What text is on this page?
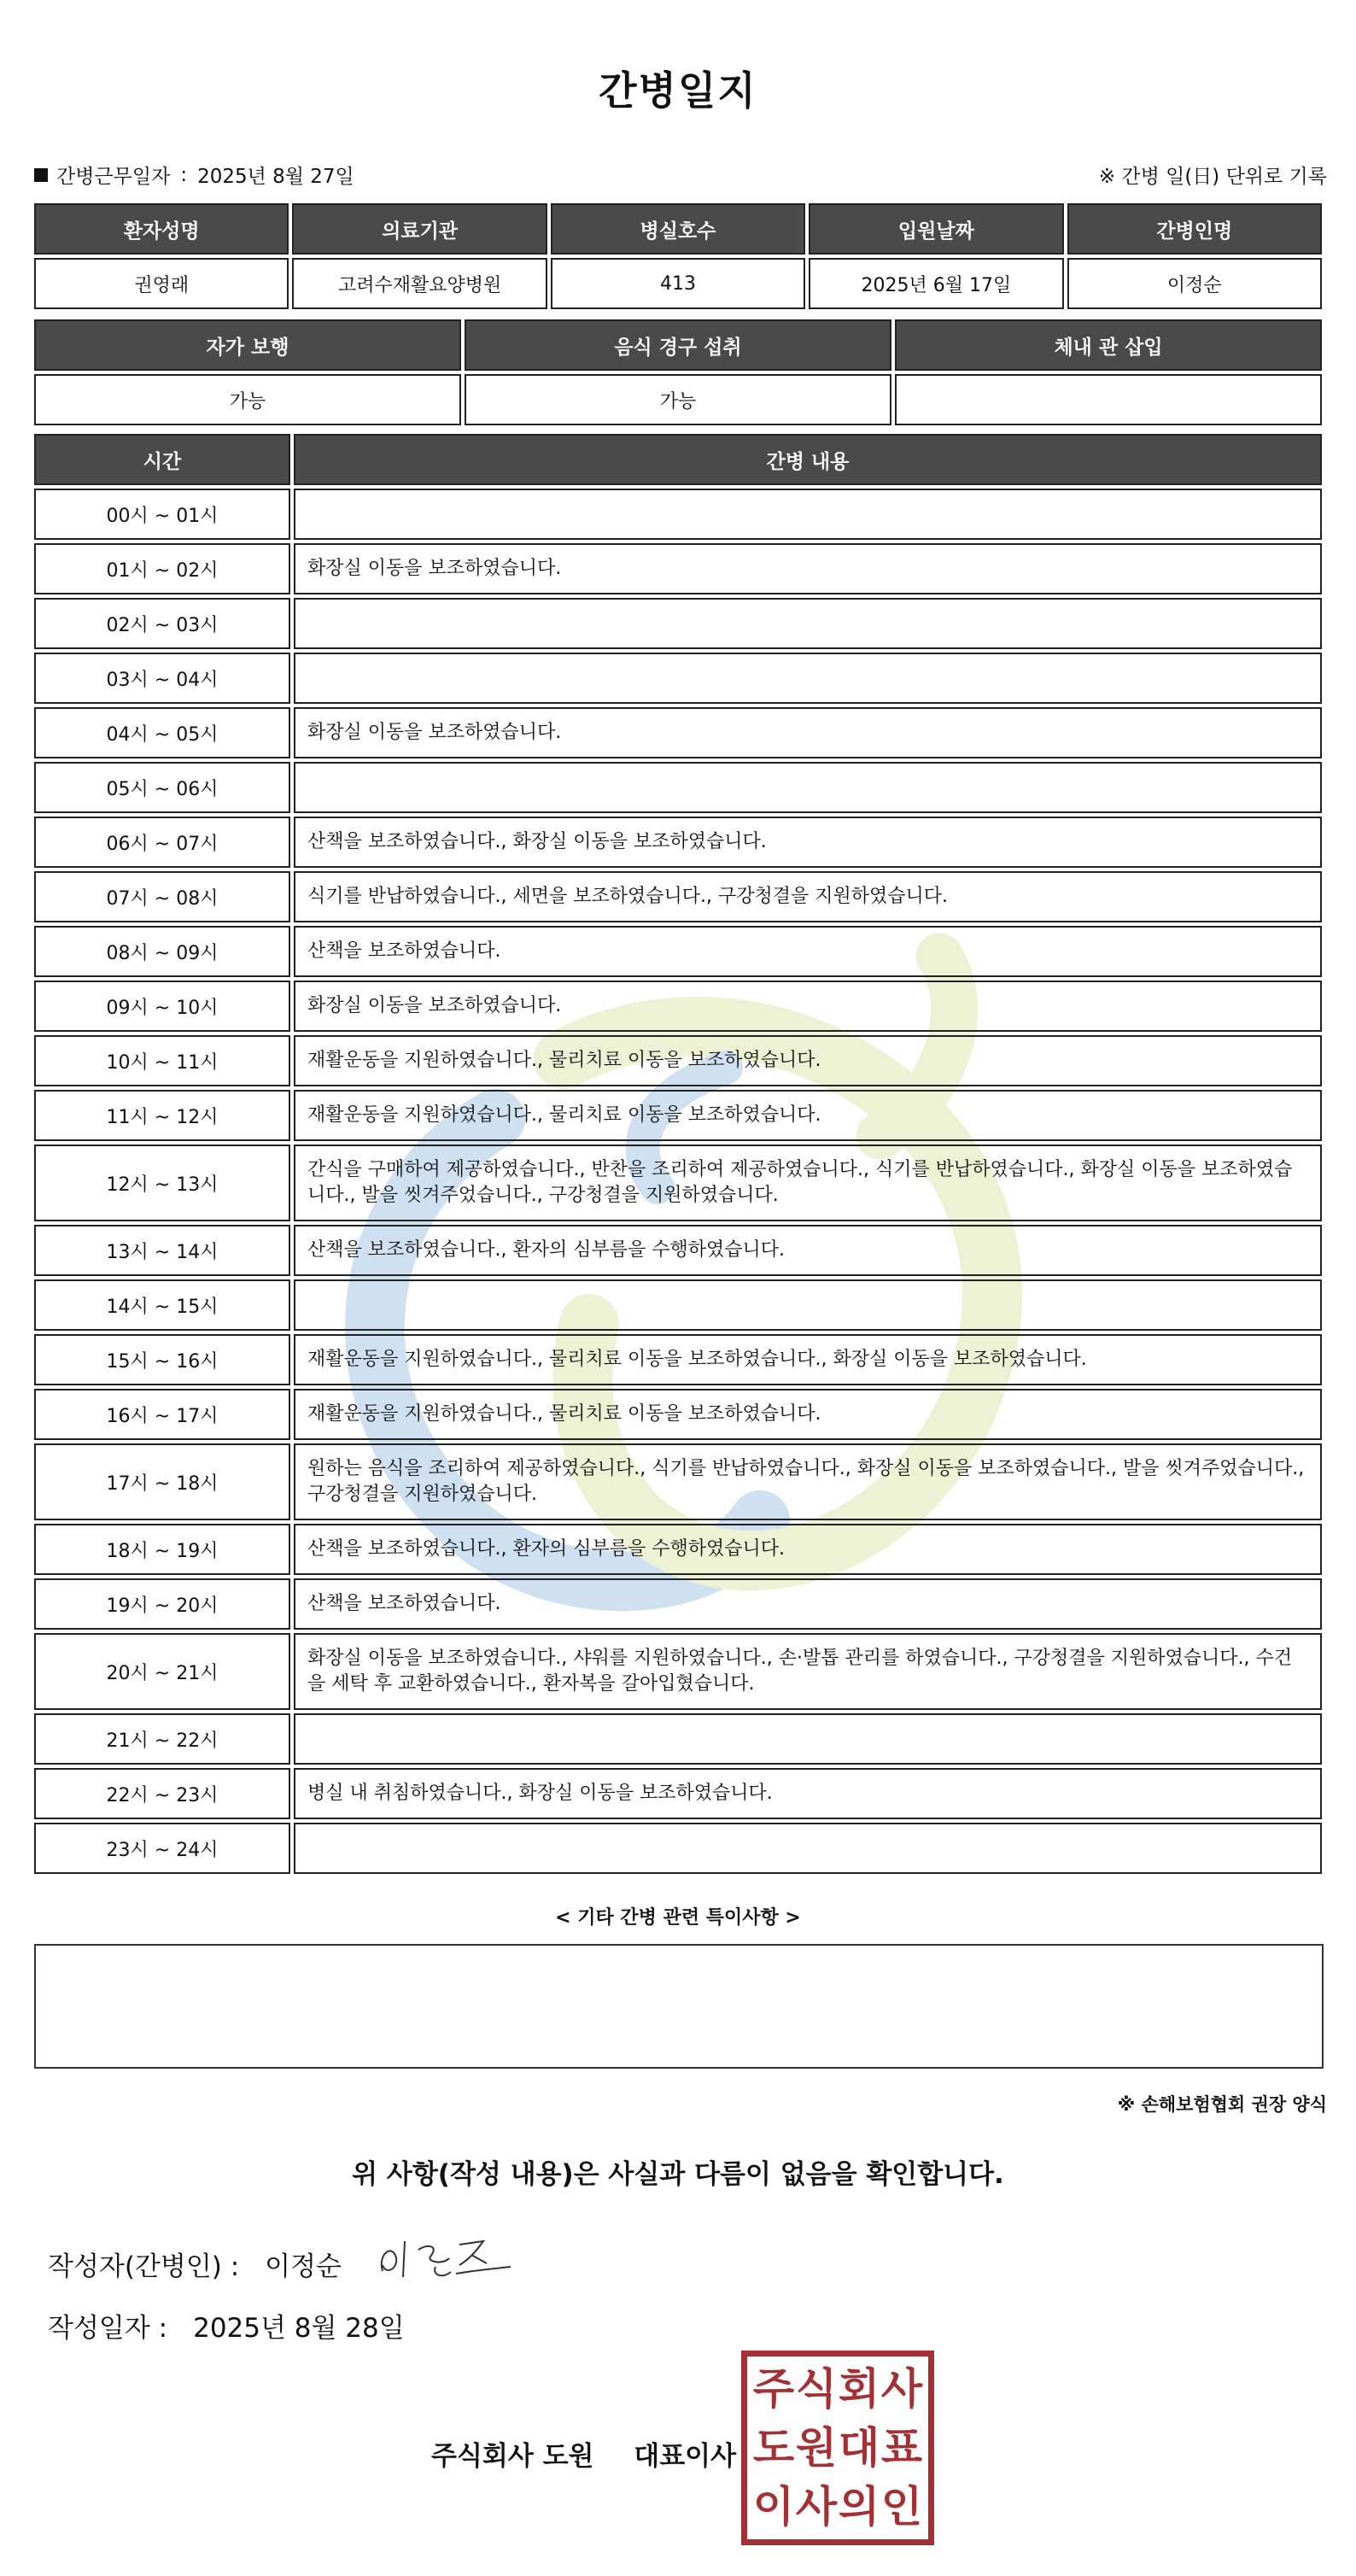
간병일지
간병근무일자 : 2025년 8월 27일	※ 간병 일(日) 단위로 기록
환자성명	의료기관	병실호수	입원날짜	간병인명
권영래	고려수재활요양병원	413	2025년 6월 17일	이정순
자가 보행	음식 경구 섭취	체내 관 삽입
가능	가능	
시간	간병 내용
00시 ~ 01시	
01시 ~ 02시	화장실 이동을 보조하였습니다.
02시 ~ 03시	
03시 ~ 04시	
04시 ~ 05시	화장실 이동을 보조하였습니다.
05시 ~ 06시	
06시 ~ 07시	산책을 보조하였습니다., 화장실 이동을 보조하였습니다.
07시 ~ 08시	식기를 반납하였습니다., 세면을 보조하였습니다., 구강청결을 지원하였습니다.
08시 ~ 09시	산책을 보조하였습니다.
09시 ~ 10시	화장실 이동을 보조하였습니다.
10시 ~ 11시	재활운동을 지원하였습니다., 물리치료 이동을 보조하였습니다.
11시 ~ 12시	재활운동을 지원하였습니다., 물리치료 이동을 보조하였습니다.
12시 ~ 13시	간식을 구매하여 제공하였습니다., 반찬을 조리하여 제공하였습니다., 식기를 반납하였습니다., 화장실 이동을 보조하였습니다., 발을 씻겨주었습니다., 구강청결을 지원하였습니다.
13시 ~ 14시	산책을 보조하였습니다., 환자의 심부름을 수행하였습니다.
14시 ~ 15시	
15시 ~ 16시	재활운동을 지원하였습니다., 물리치료 이동을 보조하였습니다., 화장실 이동을 보조하였습니다.
16시 ~ 17시	재활운동을 지원하였습니다., 물리치료 이동을 보조하였습니다.
17시 ~ 18시	원하는 음식을 조리하여 제공하였습니다., 식기를 반납하였습니다., 화장실 이동을 보조하였습니다., 발을 씻겨주었습니다., 구강청결을 지원하였습니다.
18시 ~ 19시	산책을 보조하였습니다., 환자의 심부름을 수행하였습니다.
19시 ~ 20시	산책을 보조하였습니다.
20시 ~ 21시	화장실 이동을 보조하였습니다., 샤워를 지원하였습니다., 손·발톱 관리를 하였습니다., 구강청결을 지원하였습니다., 수건을 세탁 후 교환하였습니다., 환자복을 갈아입혔습니다.
21시 ~ 22시	
22시 ~ 23시	병실 내 취침하였습니다., 화장실 이동을 보조하였습니다.
23시 ~ 24시	
< 기타 간병 관련 특이사항 >
※ 손해보험협회 권장 양식
위 사항(작성 내용)은 사실과 다름이 없음을 확인합니다.
작성자(간병인) : 이정순
작성일자 : 2025년 8월 28일
주식회사 도원 대표이사
주 식 회 사
도 원 대 표
이 사 의 인
